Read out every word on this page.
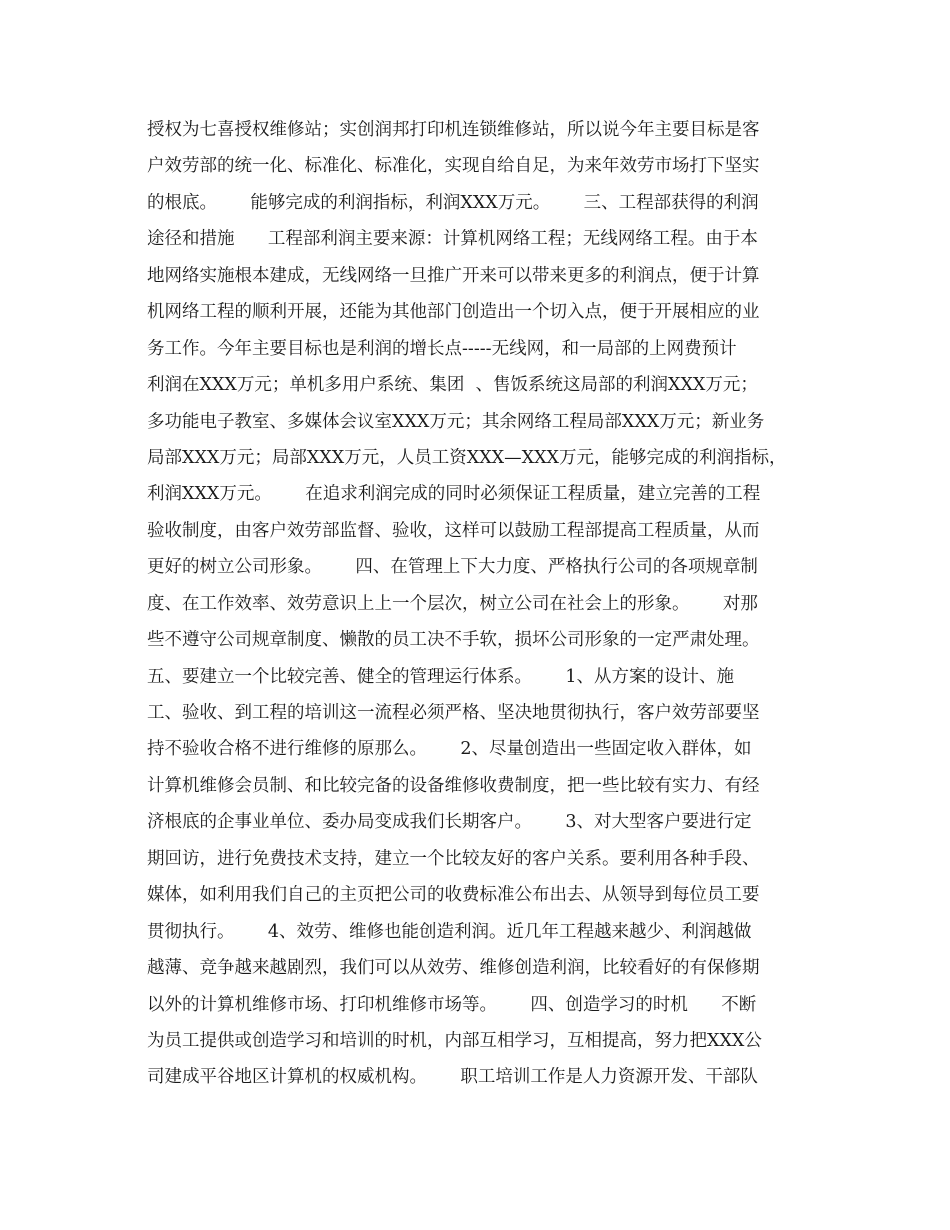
授权为七喜授权维修站；实创润邦打印机连锁维修站，所以说今年主要目标是客
户效劳部的统一化、标准化、标准化，实现自给自足，为来年效劳市场打下坚实
的根底。      能够完成的利润指标，利润XXX万元。      三、工程部获得的利润
途径和措施      工程部利润主要来源：计算机网络工程；无线网络工程。由于本
地网络实施根本建成，无线网络一旦推广开来可以带来更多的利润点，便于计算
机网络工程的顺利开展，还能为其他部门创造出一个切入点，便于开展相应的业
务工作。今年主要目标也是利润的增长点-----无线网，和一局部的上网费预计
利润在XXX万元；单机多用户系统、集团  、售饭系统这局部的利润XXX万元；
多功能电子教室、多媒体会议室XXX万元；其余网络工程局部XXX万元；新业务
局部XXX万元；局部XXX万元，人员工资XXX—XXX万元，能够完成的利润指标，
利润XXX万元。      在追求利润完成的同时必须保证工程质量，建立完善的工程
验收制度，由客户效劳部监督、验收，这样可以鼓励工程部提高工程质量，从而
更好的树立公司形象。      四、在管理上下大力度、严格执行公司的各项规章制
度、在工作效率、效劳意识上上一个层次，树立公司在社会上的形象。      对那
些不遵守公司规章制度、懒散的员工决不手软，损坏公司形象的一定严肃处理。
五、要建立一个比较完善、健全的管理运行体系。      1、从方案的设计、施
工、验收、到工程的培训这一流程必须严格、坚决地贯彻执行，客户效劳部要坚
持不验收合格不进行维修的原那么。      2、尽量创造出一些固定收入群体，如
计算机维修会员制、和比较完备的设备维修收费制度，把一些比较有实力、有经
济根底的企事业单位、委办局变成我们长期客户。      3、对大型客户要进行定
期回访，进行免费技术支持，建立一个比较友好的客户关系。要利用各种手段、
媒体，如利用我们自己的主页把公司的收费标准公布出去、从领导到每位员工要
贯彻执行。      4、效劳、维修也能创造利润。近几年工程越来越少、利润越做
越薄、竞争越来越剧烈，我们可以从效劳、维修创造利润，比较看好的有保修期
以外的计算机维修市场、打印机维修市场等。      四、创造学习的时机      不断
为员工提供或创造学习和培训的时机，内部互相学习，互相提高，努力把XXX公
司建成平谷地区计算机的权威机构。      职工培训工作是人力资源开发、干部队
